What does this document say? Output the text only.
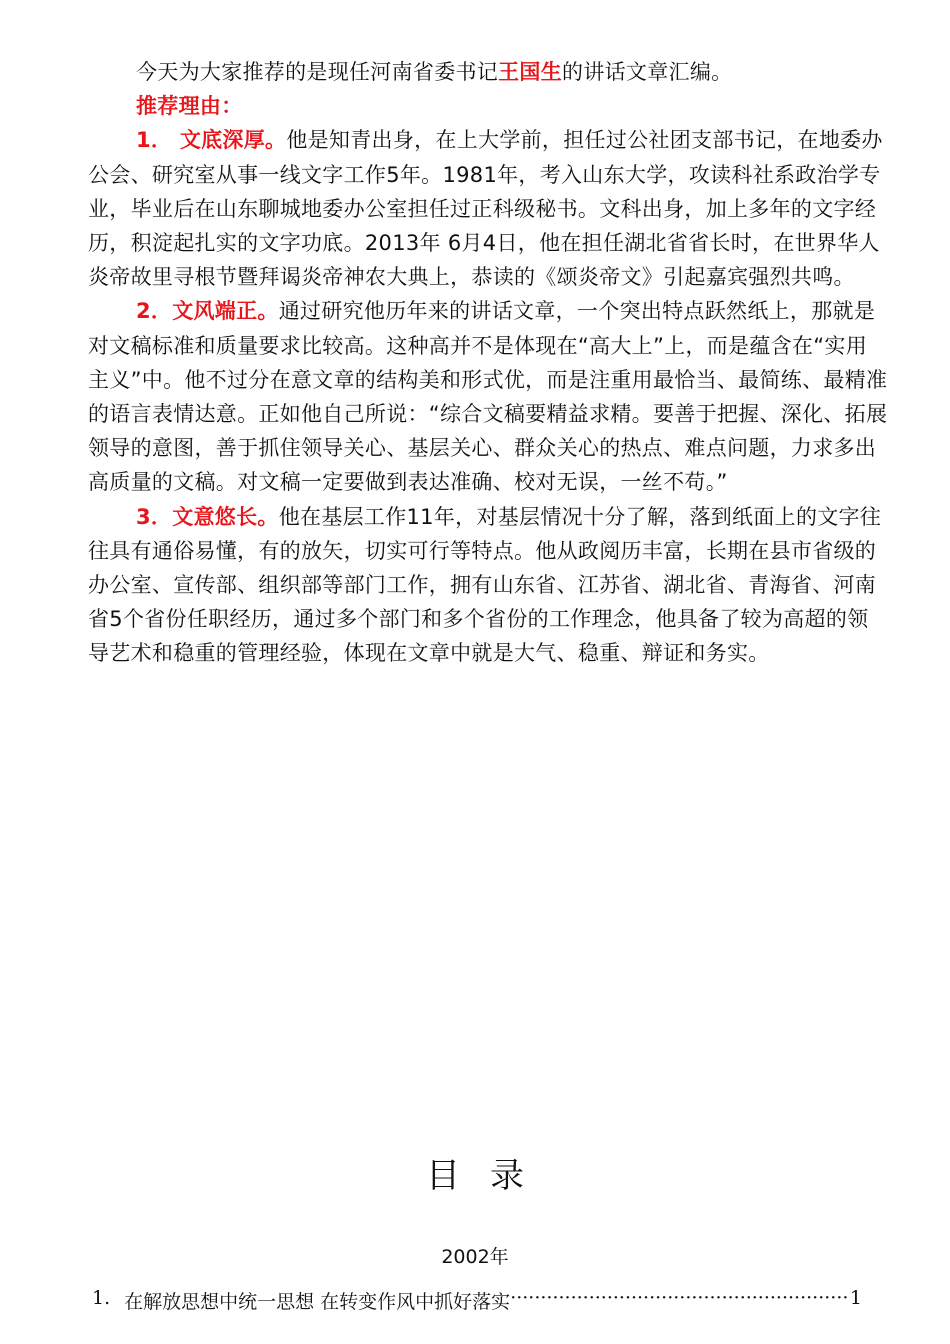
今天为大家推荐的是现任河南省委书记王国生的讲话文章汇编。

推荐理由：

1． 文底深厚。他是知青出身，在上大学前，担任过公社团支部书记，在地委办公会、研究室从事一线文字工作5年。1981年，考入山东大学，攻读科社系政治学专业，毕业后在山东聊城地委办公室担任过正科级秘书。文科出身，加上多年的文字经历，积淀起扎实的文字功底。2013年 6月4日，他在担任湖北省省长时，在世界华人炎帝故里寻根节暨拜谒炎帝神农大典上，恭读的《颂炎帝文》引起嘉宾强烈共鸣。

2．文风端正。通过研究他历年来的讲话文章，一个突出特点跃然纸上，那就是对文稿标准和质量要求比较高。这种高并不是体现在“高大上”上，而是蕴含在“实用主义”中。他不过分在意文章的结构美和形式优，而是注重用最恰当、最简练、最精准的语言表情达意。正如他自己所说：“综合文稿要精益求精。要善于把握、深化、拓展领导的意图，善于抓住领导关心、基层关心、群众关心的热点、难点问题，力求多出高质量的文稿。对文稿一定要做到表达准确、校对无误，一丝不苟。”

3．文意悠长。他在基层工作11年，对基层情况十分了解，落到纸面上的文字往往具有通俗易懂，有的放矢，切实可行等特点。他从政阅历丰富，长期在县市省级的办公室、宣传部、组织部等部门工作，拥有山东省、江苏省、湖北省、青海省、河南省5个省份任职经历，通过多个部门和多个省份的工作理念，他具备了较为高超的领导艺术和稳重的管理经验，体现在文章中就是大气、稳重、辩证和务实。

目录
2002年
1. 在解放思想中统一思想 在转变作风中抓好落实
·····	1
